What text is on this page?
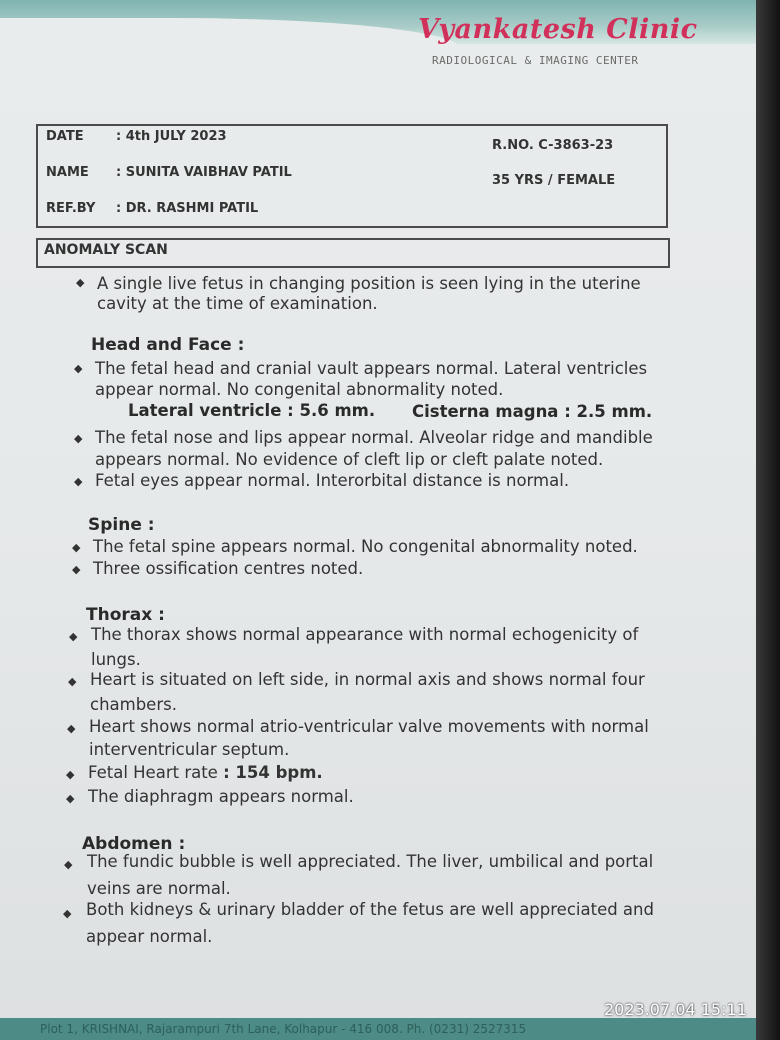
Vyankatesh Clinic
RADIOLOGICAL & IMAGING CENTER
DATE : 4th JULY 2023
NAME : SUNITA VAIBHAV PATIL
REF.BY : DR. RASHMI PATIL
R.NO. C-3863-23
35 YRS / FEMALE
ANOMALY SCAN
◆ A single live fetus in changing position is seen lying in the uterine
cavity at the time of examination.
Head and Face :
◆ The fetal head and cranial vault appears normal. Lateral ventricles
appear normal. No congenital abnormality noted.
Lateral ventricle : 5.6 mm. Cisterna magna : 2.5 mm.
◆ The fetal nose and lips appear normal. Alveolar ridge and mandible
appears normal. No evidence of cleft lip or cleft palate noted.
◆ Fetal eyes appear normal. Interorbital distance is normal.
Spine :
◆ The fetal spine appears normal. No congenital abnormality noted.
◆ Three ossification centres noted.
Thorax :
◆ The thorax shows normal appearance with normal echogenicity of
lungs.
◆ Heart is situated on left side, in normal axis and shows normal four
chambers.
◆ Heart shows normal atrio-ventricular valve movements with normal
interventricular septum.
◆ Fetal Heart rate : 154 bpm.
◆ The diaphragm appears normal.
Abdomen :
◆ The fundic bubble is well appreciated. The liver, umbilical and portal
veins are normal.
◆ Both kidneys & urinary bladder of the fetus are well appreciated and
appear normal.
Plot 1, KRISHNAI, Rajarampuri 7th Lane, Kolhapur - 416 008. Ph. (0231) 2527315
2023.07.04 15:11
